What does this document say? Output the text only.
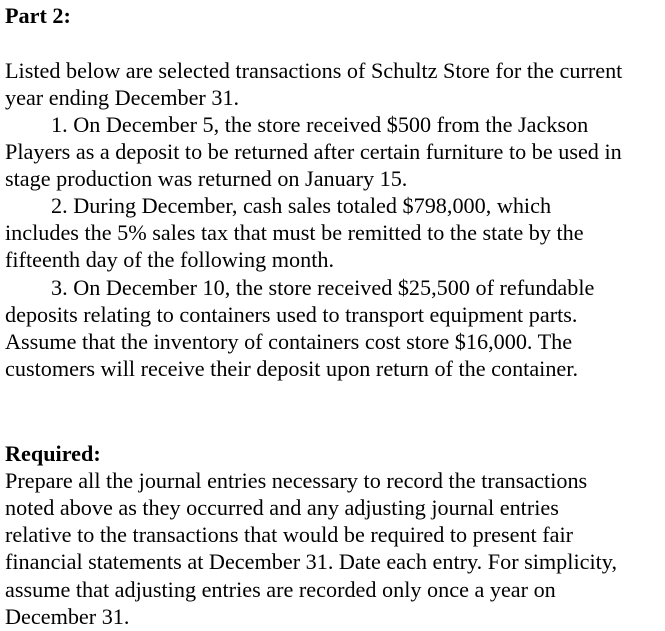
Part 2:
Listed below are selected transactions of Schultz Store for the current
year ending December 31.
1. On December 5, the store received $500 from the Jackson
Players as a deposit to be returned after certain furniture to be used in
stage production was returned on January 15.
2. During December, cash sales totaled $798,000, which
includes the 5% sales tax that must be remitted to the state by the
fifteenth day of the following month.
3. On December 10, the store received $25,500 of refundable
deposits relating to containers used to transport equipment parts.
Assume that the inventory of containers cost store $16,000. The
customers will receive their deposit upon return of the container.
Required:
Prepare all the journal entries necessary to record the transactions
noted above as they occurred and any adjusting journal entries
relative to the transactions that would be required to present fair
financial statements at December 31. Date each entry. For simplicity,
assume that adjusting entries are recorded only once a year on
December 31.
